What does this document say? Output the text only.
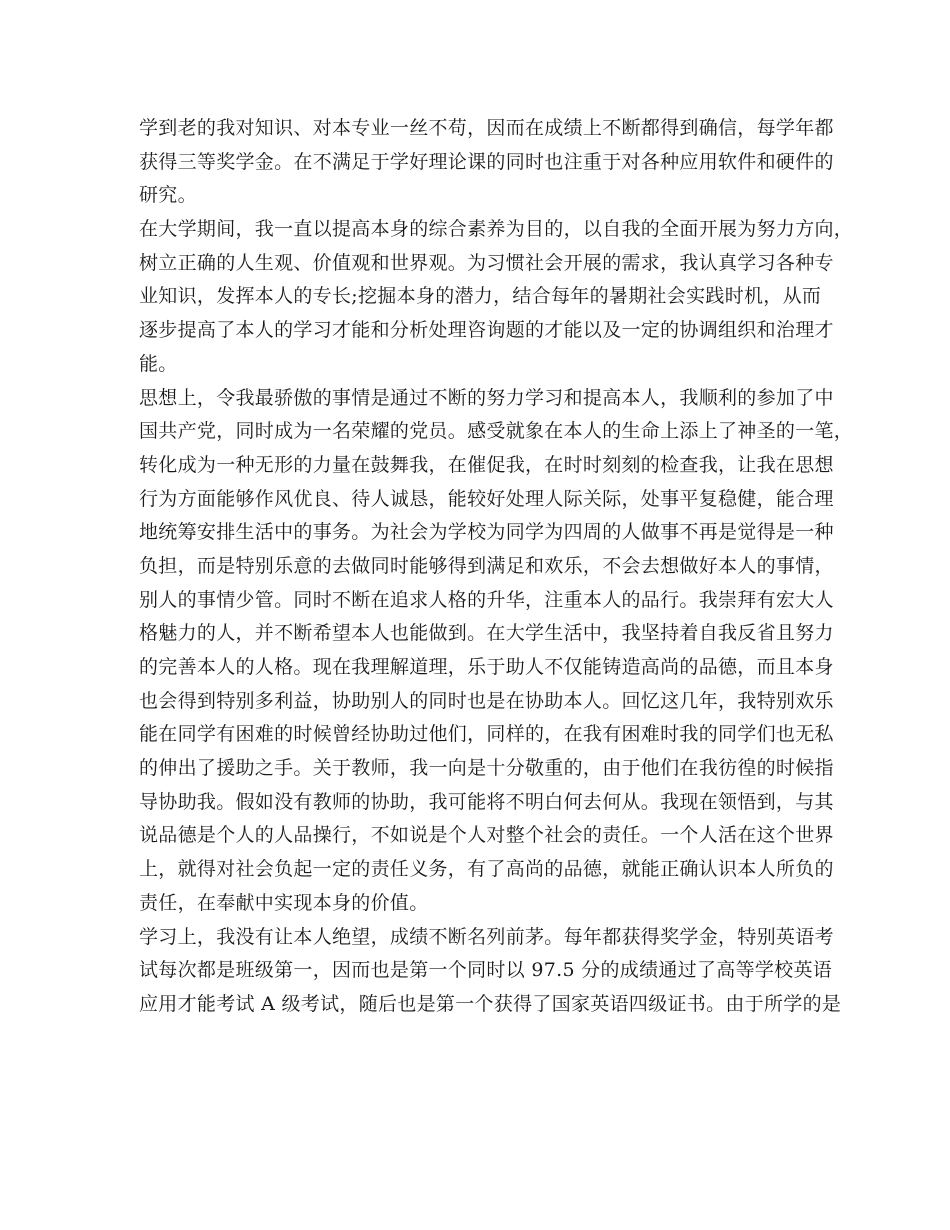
学到老的我对知识、对本专业一丝不苟，因而在成绩上不断都得到确信，每学年都
获得三等奖学金。在不满足于学好理论课的同时也注重于对各种应用软件和硬件的
研究。
在大学期间，我一直以提高本身的综合素养为目的，以自我的全面开展为努力方向，
树立正确的人生观、价值观和世界观。为习惯社会开展的需求，我认真学习各种专
业知识，发挥本人的专长;挖掘本身的潜力，结合每年的暑期社会实践时机，从而
逐步提高了本人的学习才能和分析处理咨询题的才能以及一定的协调组织和治理才
能。
思想上，令我最骄傲的事情是通过不断的努力学习和提高本人，我顺利的参加了中
国共产党，同时成为一名荣耀的党员。感受就象在本人的生命上添上了神圣的一笔，
转化成为一种无形的力量在鼓舞我，在催促我，在时时刻刻的检查我，让我在思想
行为方面能够作风优良、待人诚恳，能较好处理人际关际，处事平复稳健，能合理
地统筹安排生活中的事务。为社会为学校为同学为四周的人做事不再是觉得是一种
负担，而是特别乐意的去做同时能够得到满足和欢乐，不会去想做好本人的事情，
别人的事情少管。同时不断在追求人格的升华，注重本人的品行。我崇拜有宏大人
格魅力的人，并不断希望本人也能做到。在大学生活中，我坚持着自我反省且努力
的完善本人的人格。现在我理解道理，乐于助人不仅能铸造高尚的品德，而且本身
也会得到特别多利益，协助别人的同时也是在协助本人。回忆这几年，我特别欢乐
能在同学有困难的时候曾经协助过他们，同样的，在我有困难时我的同学们也无私
的伸出了援助之手。关于教师，我一向是十分敬重的，由于他们在我彷徨的时候指
导协助我。假如没有教师的协助，我可能将不明白何去何从。我现在领悟到，与其
说品德是个人的人品操行，不如说是个人对整个社会的责任。一个人活在这个世界
上，就得对社会负起一定的责任义务，有了高尚的品德，就能正确认识本人所负的
责任，在奉献中实现本身的价值。
学习上，我没有让本人绝望，成绩不断名列前茅。每年都获得奖学金，特别英语考
试每次都是班级第一，因而也是第一个同时以 97.5 分的成绩通过了高等学校英语
应用才能考试 A 级考试，随后也是第一个获得了国家英语四级证书。由于所学的是
